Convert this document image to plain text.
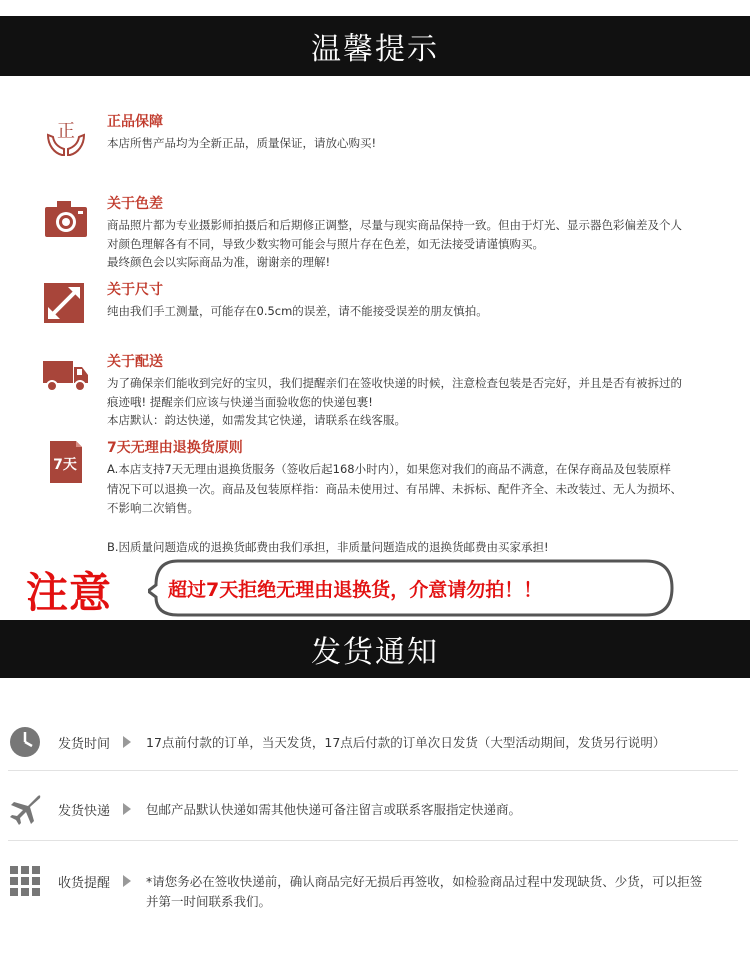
温馨提示
正 正品保障

本店所售产品均为全新正品，质量保证，请放心购买!

关于色差

商品照片都为专业摄影师拍摄后和后期修正调整，尽量与现实商品保持一致。但由于灯光、显示器色彩偏差及个人

对颜色理解各有不同，导致少数实物可能会与照片存在色差，如无法接受请谨慎购买。

最终颜色会以实际商品为准，谢谢亲的理解!

关于尺寸

纯由我们手工测量，可能存在0.5cm的误差，请不能接受误差的朋友慎拍。

关于配送

为了确保亲们能收到完好的宝贝，我们提醒亲们在签收快递的时候，注意检查包装是否完好，并且是否有被拆过的

痕迹哦! 提醒亲们应该与快递当面验收您的快递包裹!

本店默认：韵达快递，如需发其它快递，请联系在线客服。

7天
7天无理由退换货原则

A.本店支持7天无理由退换货服务（签收后起168小时内），如果您对我们的商品不满意，在保存商品及包装原样

情况下可以退换一次。商品及包装原样指：商品未使用过、有吊牌、未拆标、配件齐全、未改装过、无人为损坏、

不影响二次销售。

B.因质量问题造成的退换货邮费由我们承担，非质量问题造成的退换货邮费由买家承担!

注意	超过7天拒绝无理由退换货，介意请勿拍！！
发货通知
发货时间	17点前付款的订单，当天发货，17点后付款的订单次日发货（大型活动期间，发货另行说明）
发货快递	包邮产品默认快递如需其他快递可备注留言或联系客服指定快递商。
收货提醒	*请您务必在签收快递前，确认商品完好无损后再签收，如检验商品过程中发现缺货、少货，可以拒签并第一时间联系我们。
